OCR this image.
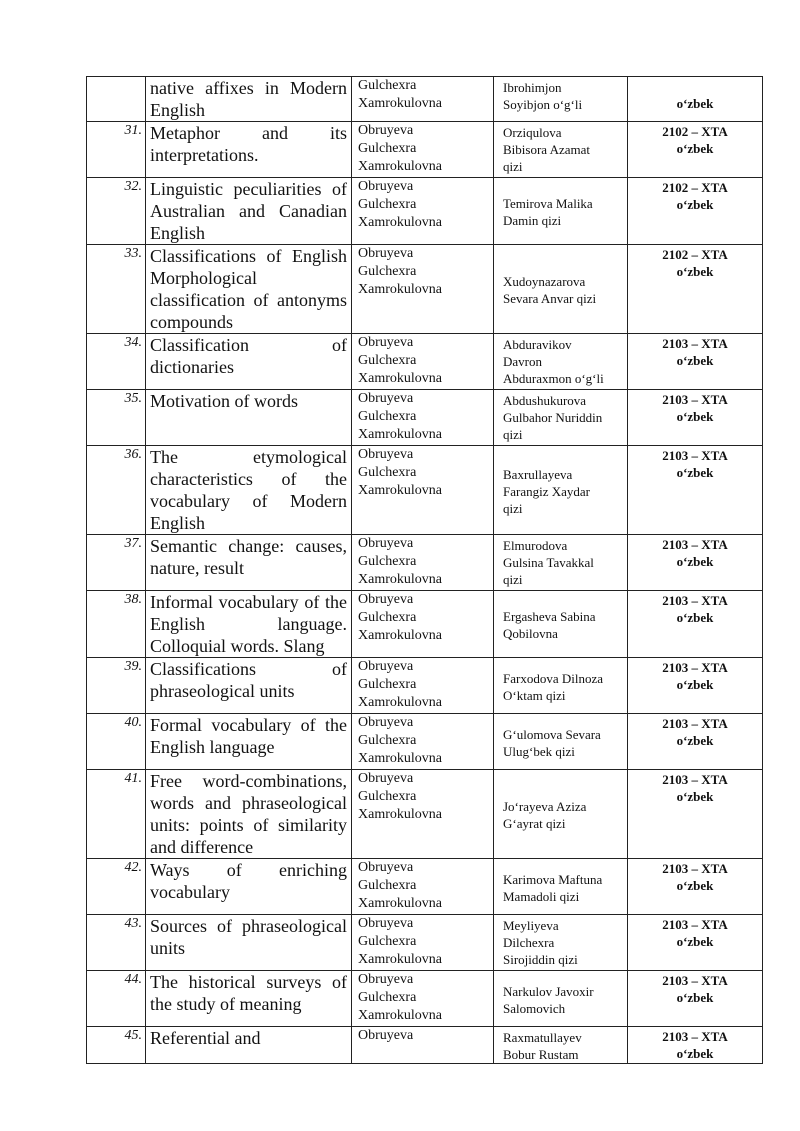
	native affixes in Modern English	Gulchexra
Xamrokulovna	Ibrohimjon
Soyibjon o‘g‘li	o‘zbek

31.	Metaphor and its interpretations.	Obruyeva
Gulchexra
Xamrokulovna	Orziqulova
Bibisora Azamat
qizi	2102 – XTA
o‘zbek

32.	Linguistic peculiarities of Australian and Canadian English	Obruyeva
Gulchexra
Xamrokulovna	Temirova Malika
Damin qizi	2102 – XTA
o‘zbek

33.	Classifications of English Morphological classification of antonyms compounds	Obruyeva
Gulchexra
Xamrokulovna	Xudoynazarova
Sevara Anvar qizi	2102 – XTA
o‘zbek

34.	Classification of dictionaries	Obruyeva
Gulchexra
Xamrokulovna	Abduravikov
Davron
Abduraxmon o‘g‘li	2103 – XTA
o‘zbek

35.	Motivation of words	Obruyeva
Gulchexra
Xamrokulovna	Abdushukurova
Gulbahor Nuriddin
qizi	2103 – XTA
o‘zbek

36.	The etymological characteristics of the vocabulary of Modern English	Obruyeva
Gulchexra
Xamrokulovna	Baxrullayeva
Farangiz Xaydar
qizi	2103 – XTA
o‘zbek

37.	Semantic change: causes, nature, result	Obruyeva
Gulchexra
Xamrokulovna	Elmurodova
Gulsina Tavakkal
qizi	2103 – XTA
o‘zbek

38.	Informal vocabulary of the English language. Colloquial words. Slang	Obruyeva
Gulchexra
Xamrokulovna	Ergasheva Sabina
Qobilovna	2103 – XTA
o‘zbek

39.	Classifications of phraseological units	Obruyeva
Gulchexra
Xamrokulovna	Farxodova Dilnoza
O‘ktam qizi	2103 – XTA
o‘zbek

40.	Formal vocabulary of the English language	Obruyeva
Gulchexra
Xamrokulovna	G‘ulomova Sevara
Ulug‘bek qizi	2103 – XTA
o‘zbek

41.	Free word-combinations, words and phraseological units: points of similarity and difference	Obruyeva
Gulchexra
Xamrokulovna	Jo‘rayeva Aziza
G‘ayrat qizi	2103 – XTA
o‘zbek

42.	Ways of enriching vocabulary	Obruyeva
Gulchexra
Xamrokulovna	Karimova Maftuna
Mamadoli qizi	2103 – XTA
o‘zbek

43.	Sources of phraseological units	Obruyeva
Gulchexra
Xamrokulovna	Meyliyeva
Dilchexra
Sirojiddin qizi	2103 – XTA
o‘zbek

44.	The historical surveys of the study of meaning	Obruyeva
Gulchexra
Xamrokulovna	Narkulov Javoxir
Salomovich	2103 – XTA
o‘zbek

45.	Referential and	Obruyeva	Raxmatullayev
Bobur Rustam	2103 – XTA
o‘zbek
